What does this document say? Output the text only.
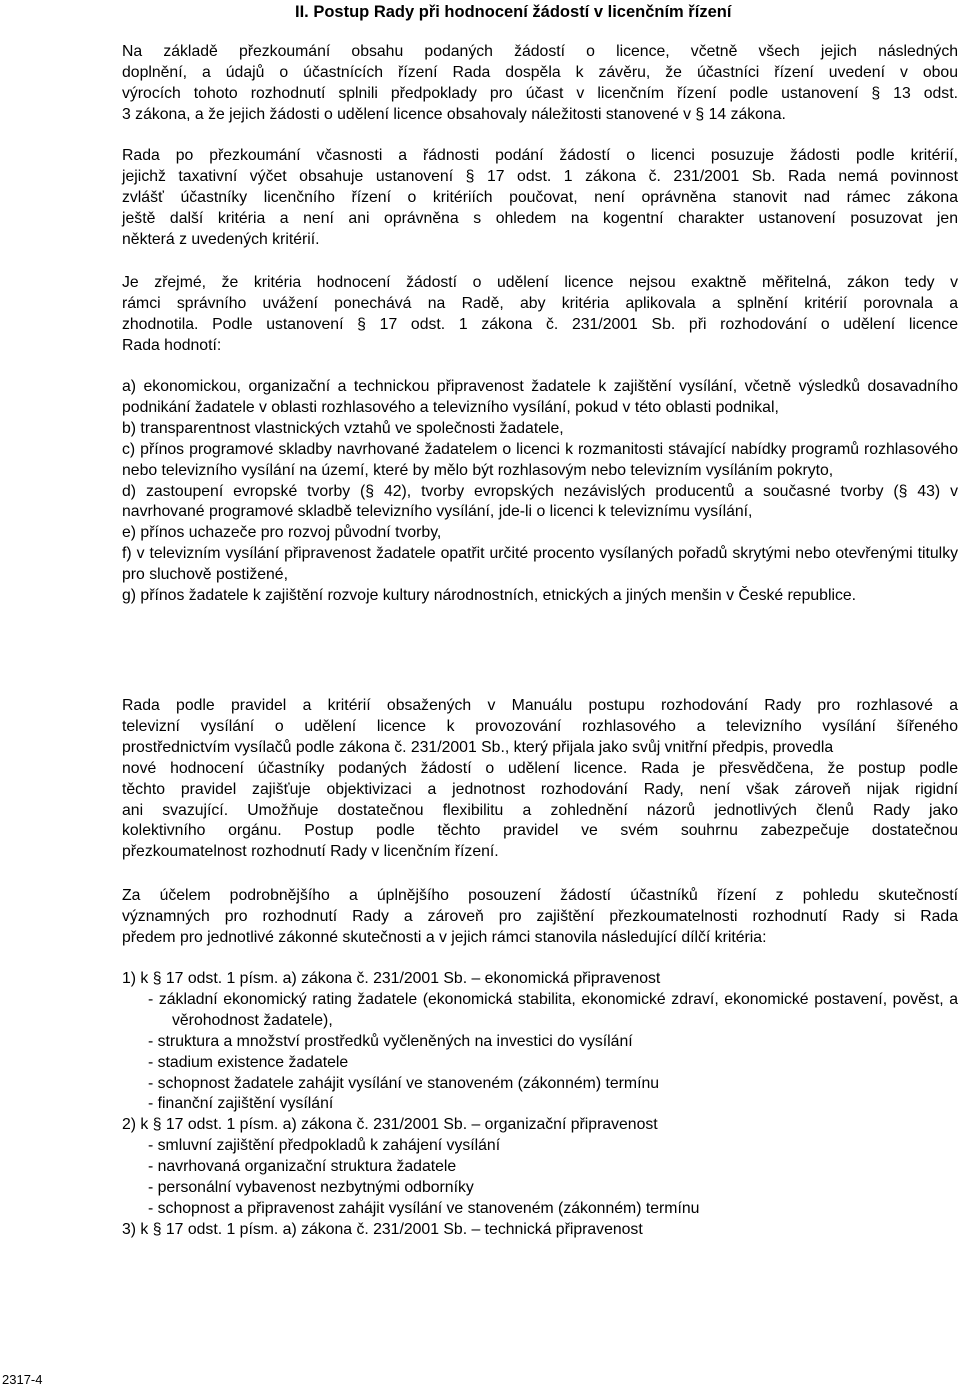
II. Postup Rady při hodnocení žádostí v licenčním řízení
Na základě přezkoumání obsahu podaných žádostí o licence, včetně všech jejich následných
doplnění, a údajů o účastnících řízení Rada dospěla k závěru, že účastníci řízení uvedení v obou
výrocích tohoto rozhodnutí splnili předpoklady pro účast v licenčním řízení podle ustanovení § 13 odst.
3 zákona, a že jejich žádosti o udělení licence obsahovaly náležitosti stanovené v § 14 zákona.
Rada po přezkoumání včasnosti a řádnosti podání žádostí o licenci posuzuje žádosti podle kritérií,
jejichž taxativní výčet obsahuje ustanovení § 17 odst. 1 zákona č. 231/2001 Sb. Rada nemá povinnost
zvlášť účastníky licenčního řízení o kritériích poučovat, není oprávněna stanovit nad rámec zákona
ještě další kritéria a není ani oprávněna s ohledem na kogentní charakter ustanovení posuzovat jen
některá z uvedených kritérií.
Je zřejmé, že kritéria hodnocení žádostí o udělení licence nejsou exaktně měřitelná, zákon tedy v
rámci správního uvážení ponechává na Radě, aby kritéria aplikovala a splnění kritérií porovnala a
zhodnotila. Podle ustanovení § 17 odst. 1 zákona č. 231/2001 Sb. při rozhodování o udělení licence
Rada hodnotí:
a) ekonomickou, organizační a technickou připravenost žadatele k zajištění vysílání, včetně výsledků dosavadního podnikání žadatele v oblasti rozhlasového a televizního vysílání, pokud v této oblasti podnikal,
b) transparentnost vlastnických vztahů ve společnosti žadatele,
c) přínos programové skladby navrhované žadatelem o licenci k rozmanitosti stávající nabídky programů rozhlasového nebo televizního vysílání na území, které by mělo být rozhlasovým nebo televizním vysíláním pokryto,
d) zastoupení evropské tvorby (§ 42), tvorby evropských nezávislých producentů a současné tvorby (§ 43) v navrhované programové skladbě televizního vysílání, jde-li o licenci k televiznímu vysílání,
e) přínos uchazeče pro rozvoj původní tvorby,
f) v televizním vysílání připravenost žadatele opatřit určité procento vysílaných pořadů skrytými nebo otevřenými titulky pro sluchově postižené,
g) přínos žadatele k zajištění rozvoje kultury národnostních, etnických a jiných menšin v České republice.
Rada podle pravidel a kritérií obsažených v Manuálu postupu rozhodování Rady pro rozhlasové a
televizní vysílání o udělení licence k provozování rozhlasového a televizního vysílání šířeného
prostřednictvím vysílačů podle zákona č. 231/2001 Sb., který přijala jako svůj vnitřní předpis, provedla
nové hodnocení účastníky podaných žádostí o udělení licence. Rada je přesvědčena, že postup podle
těchto pravidel zajišťuje objektivizaci a jednotnost rozhodování Rady, není však zároveň nijak rigidní
ani svazující. Umožňuje dostatečnou flexibilitu a zohlednění názorů jednotlivých členů Rady jako
kolektivního orgánu. Postup podle těchto pravidel ve svém souhrnu zabezpečuje dostatečnou
přezkoumatelnost rozhodnutí Rady v licenčním řízení.
Za účelem podrobnějšího a úplnějšího posouzení žádostí účastníků řízení z pohledu skutečností
významných pro rozhodnutí Rady a zároveň pro zajištění přezkoumatelnosti rozhodnutí Rady si Rada
předem pro jednotlivé zákonné skutečnosti a v jejich rámci stanovila následující dílčí kritéria:
1) k § 17 odst. 1 písm. a) zákona č. 231/2001 Sb. – ekonomická připravenost
- základní ekonomický rating žadatele (ekonomická stabilita, ekonomické zdraví, ekonomické postavení, pověst, a věrohodnost žadatele),
- struktura a množství prostředků vyčleněných na investici do vysílání
- stadium existence žadatele
- schopnost žadatele zahájit vysílání ve stanoveném (zákonném) termínu
- finanční zajištění vysílání
2) k § 17 odst. 1 písm. a) zákona č. 231/2001 Sb. – organizační připravenost
- smluvní zajištění předpokladů k zahájení vysílání
- navrhovaná organizační struktura žadatele
- personální vybavenost nezbytnými odborníky
- schopnost a připravenost zahájit vysílání ve stanoveném (zákonném) termínu
3) k § 17 odst. 1 písm. a) zákona č. 231/2001 Sb. – technická připravenost
2317-4
